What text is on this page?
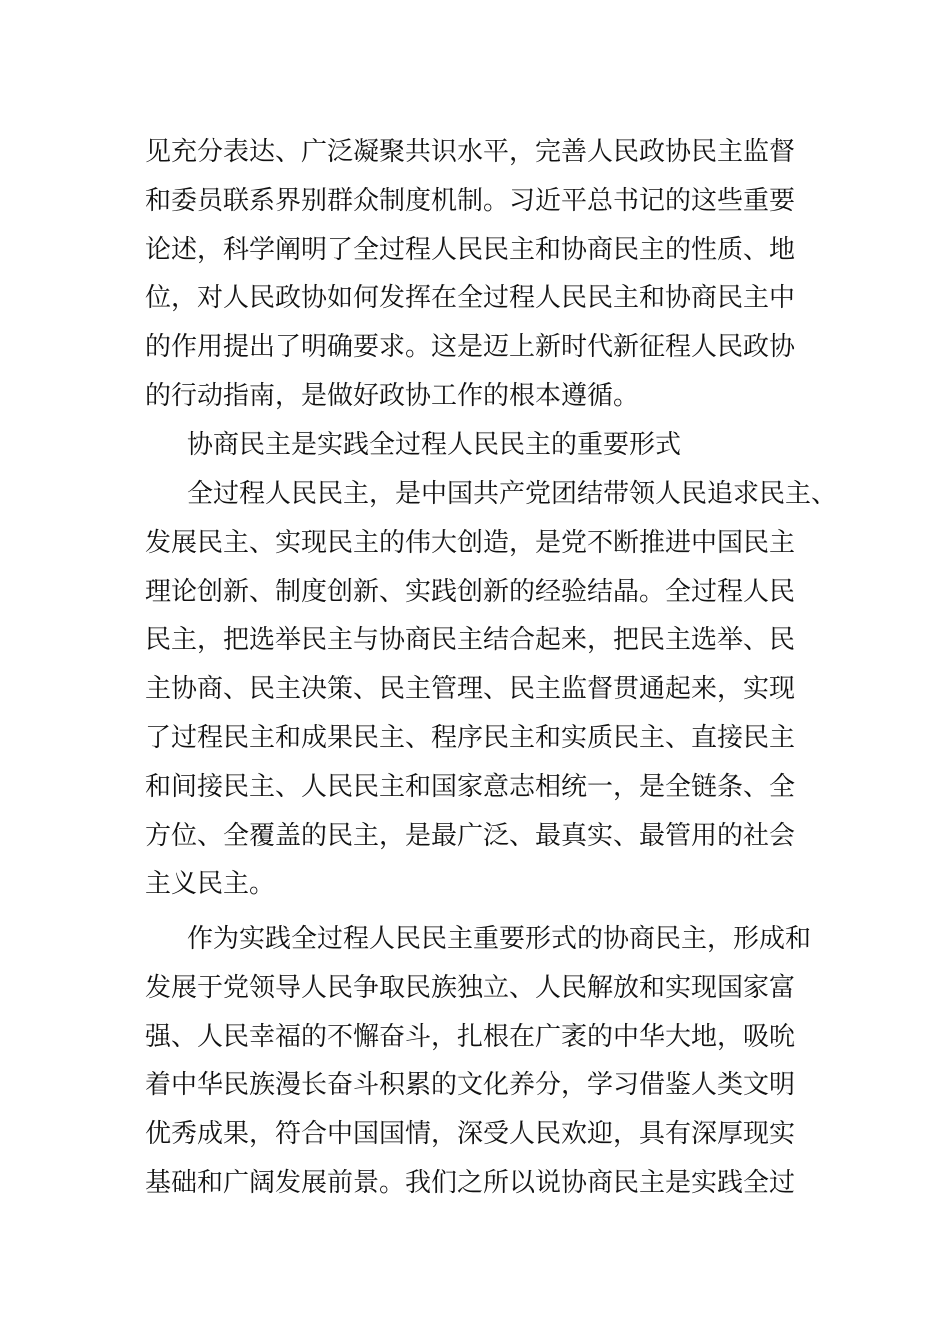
见充分表达、广泛凝聚共识水平，完善人民政协民主监督
和委员联系界别群众制度机制。习近平总书记的这些重要
论述，科学阐明了全过程人民民主和协商民主的性质、地
位，对人民政协如何发挥在全过程人民民主和协商民主中
的作用提出了明确要求。这是迈上新时代新征程人民政协
的行动指南，是做好政协工作的根本遵循。
协商民主是实践全过程人民民主的重要形式
全过程人民民主，是中国共产党团结带领人民追求民主、
发展民主、实现民主的伟大创造，是党不断推进中国民主
理论创新、制度创新、实践创新的经验结晶。全过程人民
民主，把选举民主与协商民主结合起来，把民主选举、民
主协商、民主决策、民主管理、民主监督贯通起来，实现
了过程民主和成果民主、程序民主和实质民主、直接民主
和间接民主、人民民主和国家意志相统一，是全链条、全
方位、全覆盖的民主，是最广泛、最真实、最管用的社会
主义民主。
作为实践全过程人民民主重要形式的协商民主，形成和
发展于党领导人民争取民族独立、人民解放和实现国家富
强、人民幸福的不懈奋斗，扎根在广袤的中华大地，吸吮
着中华民族漫长奋斗积累的文化养分，学习借鉴人类文明
优秀成果，符合中国国情，深受人民欢迎，具有深厚现实
基础和广阔发展前景。我们之所以说协商民主是实践全过
